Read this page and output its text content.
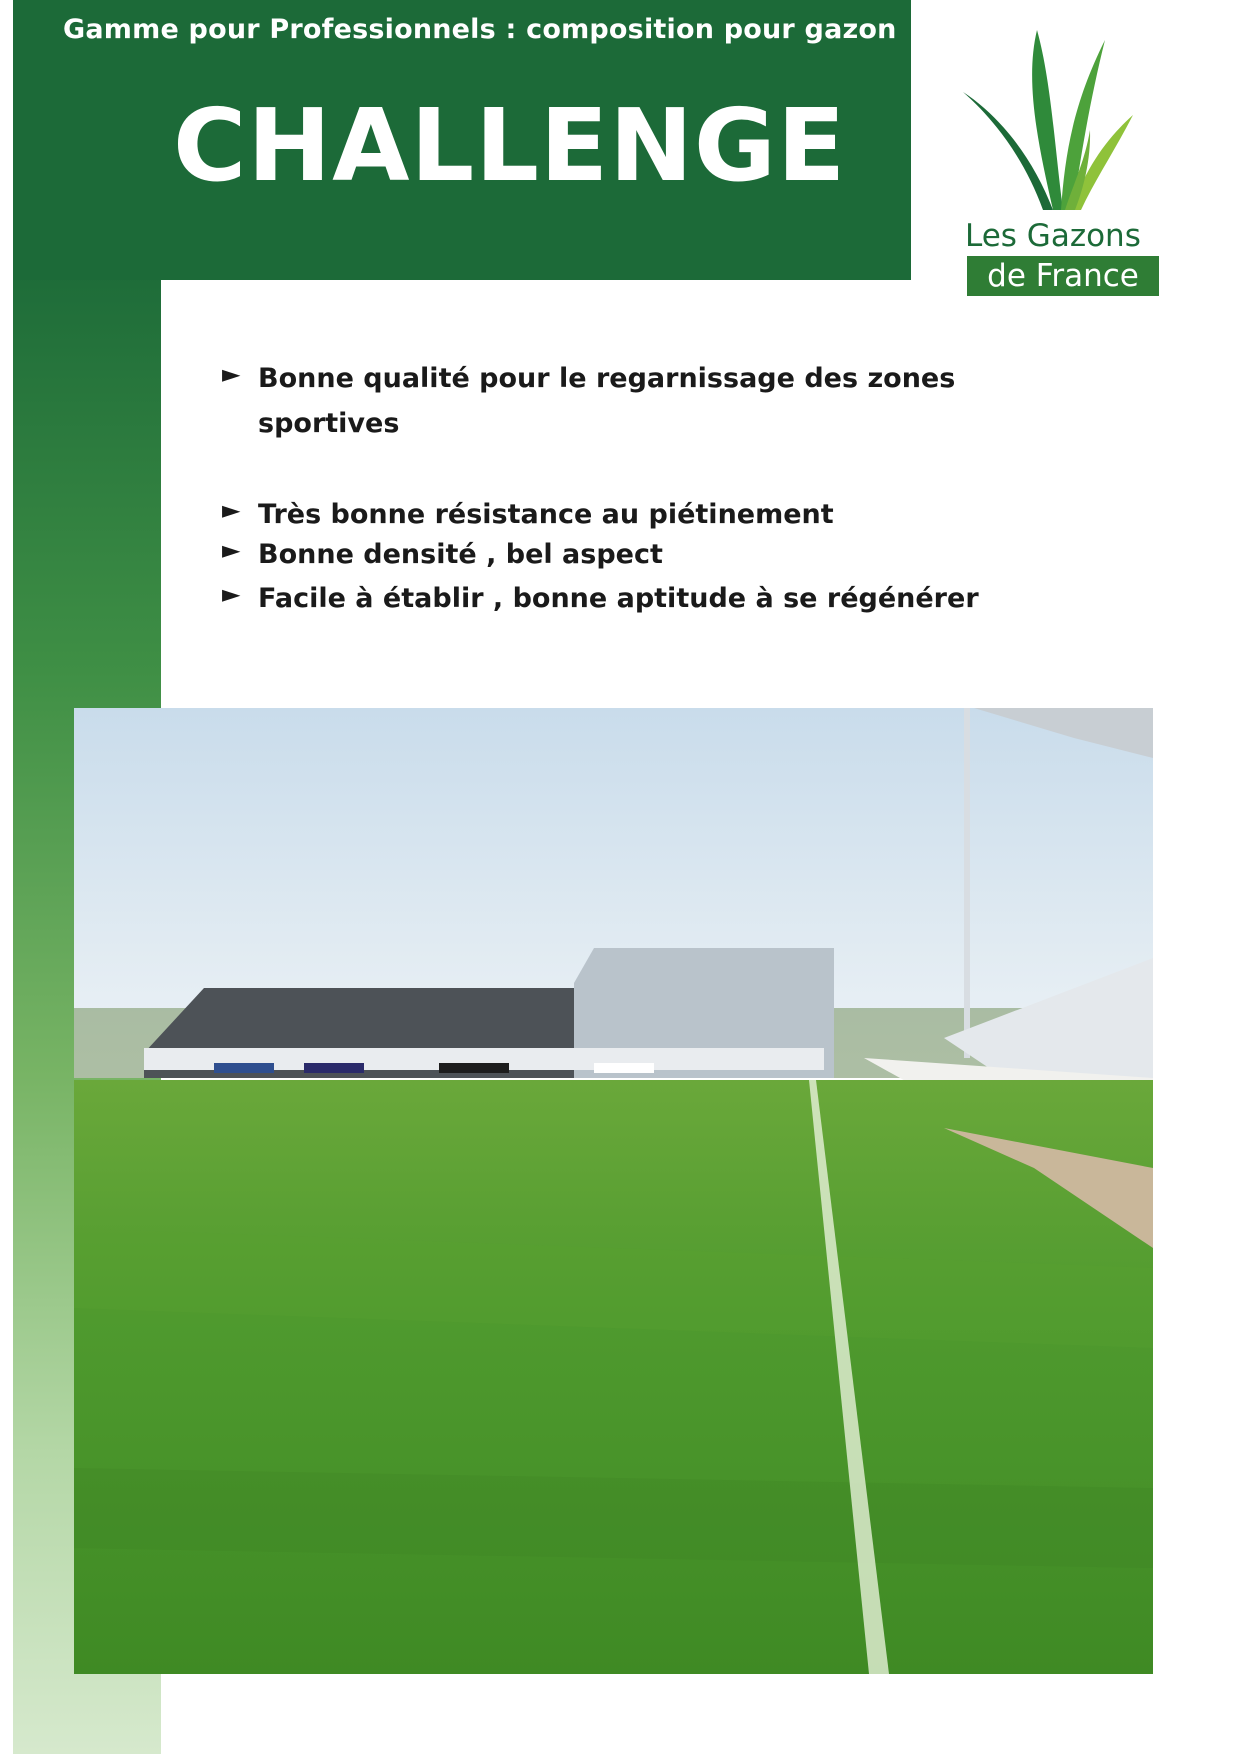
Gamme pour Professionnels : composition pour gazon
CHALLENGE
Les Gazons
de France
► Bonne qualité pour le regarnissage des zones sportives
► Très bonne résistance au piétinement
► Bonne densité , bel aspect
► Facile à établir , bonne aptitude à se régénérer
